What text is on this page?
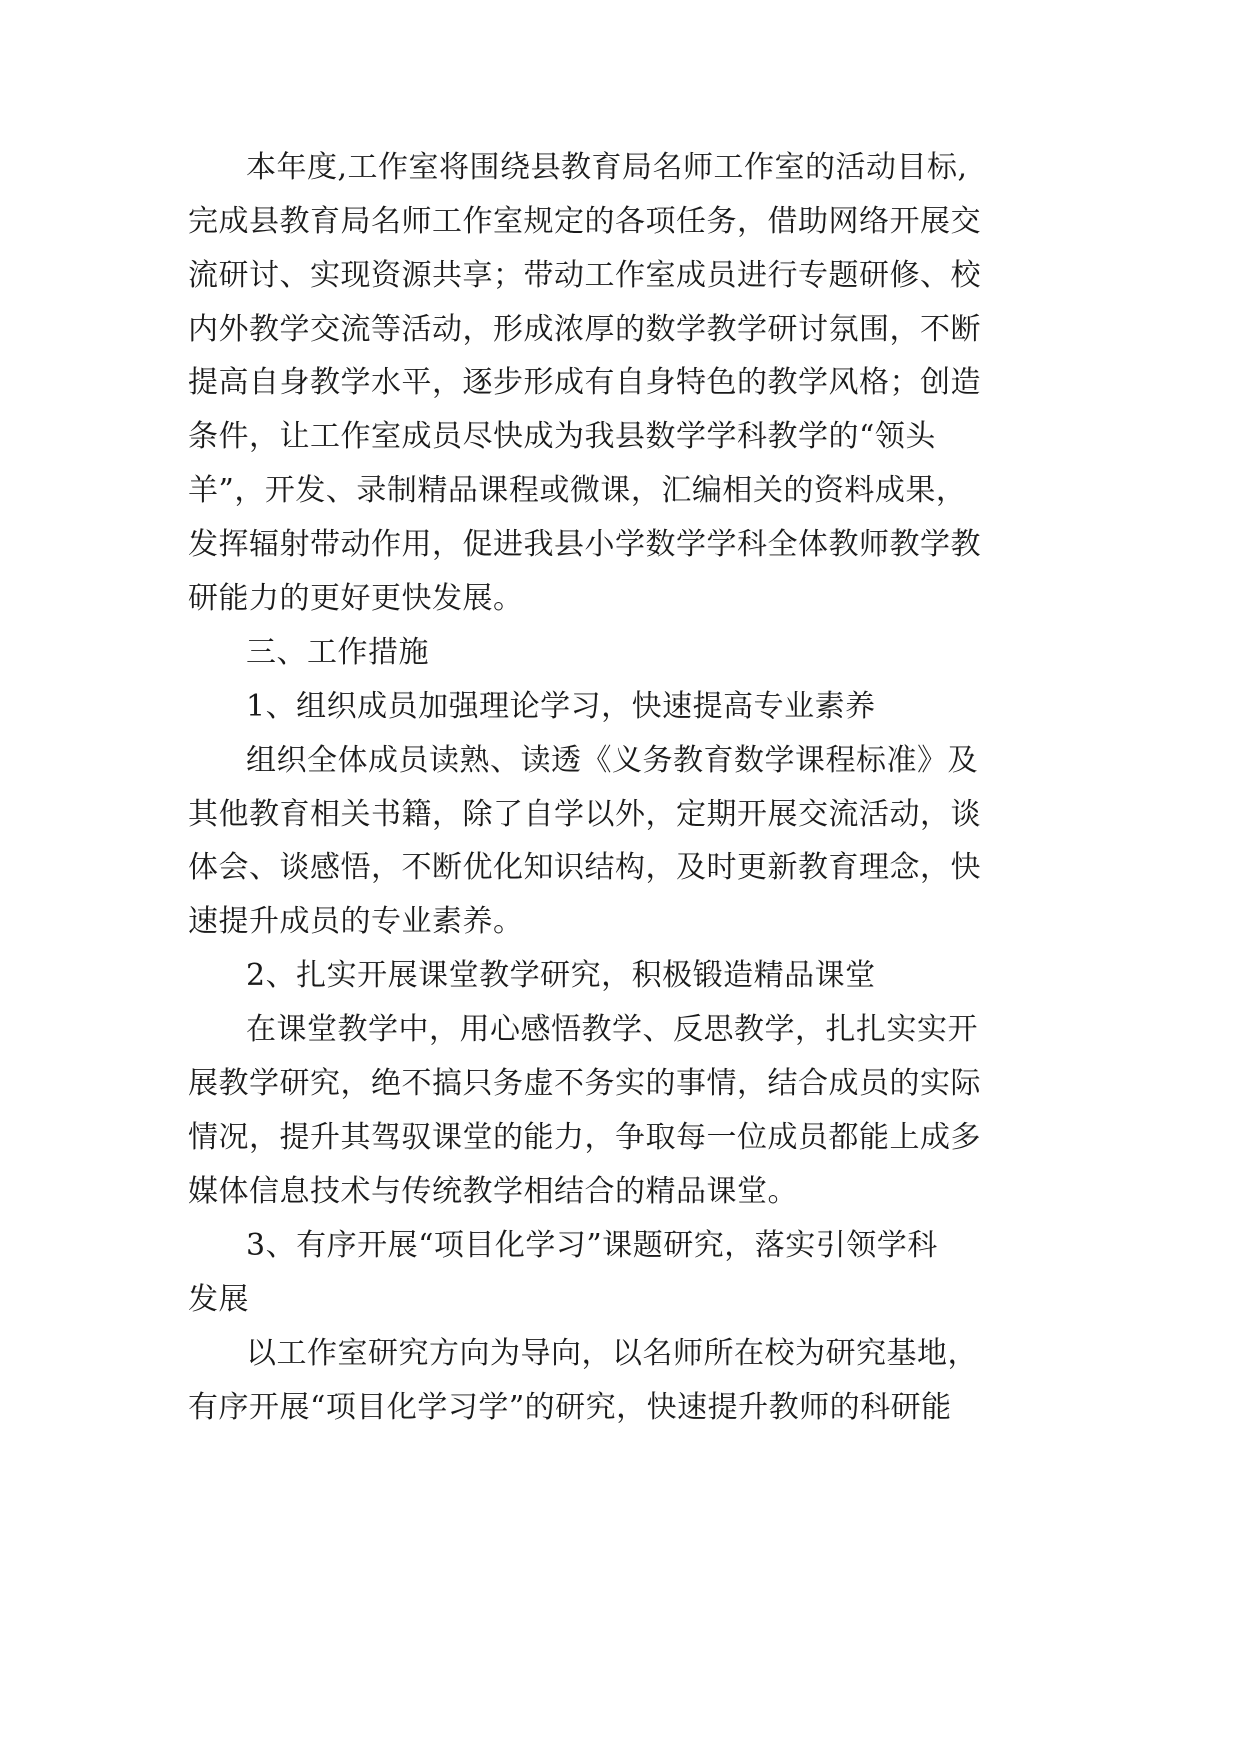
本年度,工作室将围绕县教育局名师工作室的活动目标,
完成县教育局名师工作室规定的各项任务，借助网络开展交
流研讨、实现资源共享；带动工作室成员进行专题研修、校
内外教学交流等活动，形成浓厚的数学教学研讨氛围，不断
提高自身教学水平，逐步形成有自身特色的教学风格；创造
条件，让工作室成员尽快成为我县数学学科教学的“领头
羊”，开发、录制精品课程或微课，汇编相关的资料成果，
发挥辐射带动作用，促进我县小学数学学科全体教师教学教
研能力的更好更快发展。
三、工作措施
1、组织成员加强理论学习，快速提高专业素养
组织全体成员读熟、读透《义务教育数学课程标准》及
其他教育相关书籍，除了自学以外，定期开展交流活动，谈
体会、谈感悟，不断优化知识结构，及时更新教育理念，快
速提升成员的专业素养。
2、扎实开展课堂教学研究，积极锻造精品课堂
在课堂教学中，用心感悟教学、反思教学，扎扎实实开
展教学研究，绝不搞只务虚不务实的事情，结合成员的实际
情况，提升其驾驭课堂的能力，争取每一位成员都能上成多
媒体信息技术与传统教学相结合的精品课堂。
3、有序开展“项目化学习”课题研究，落实引领学科
发展
以工作室研究方向为导向，以名师所在校为研究基地，
有序开展“项目化学习学”的研究，快速提升教师的科研能
